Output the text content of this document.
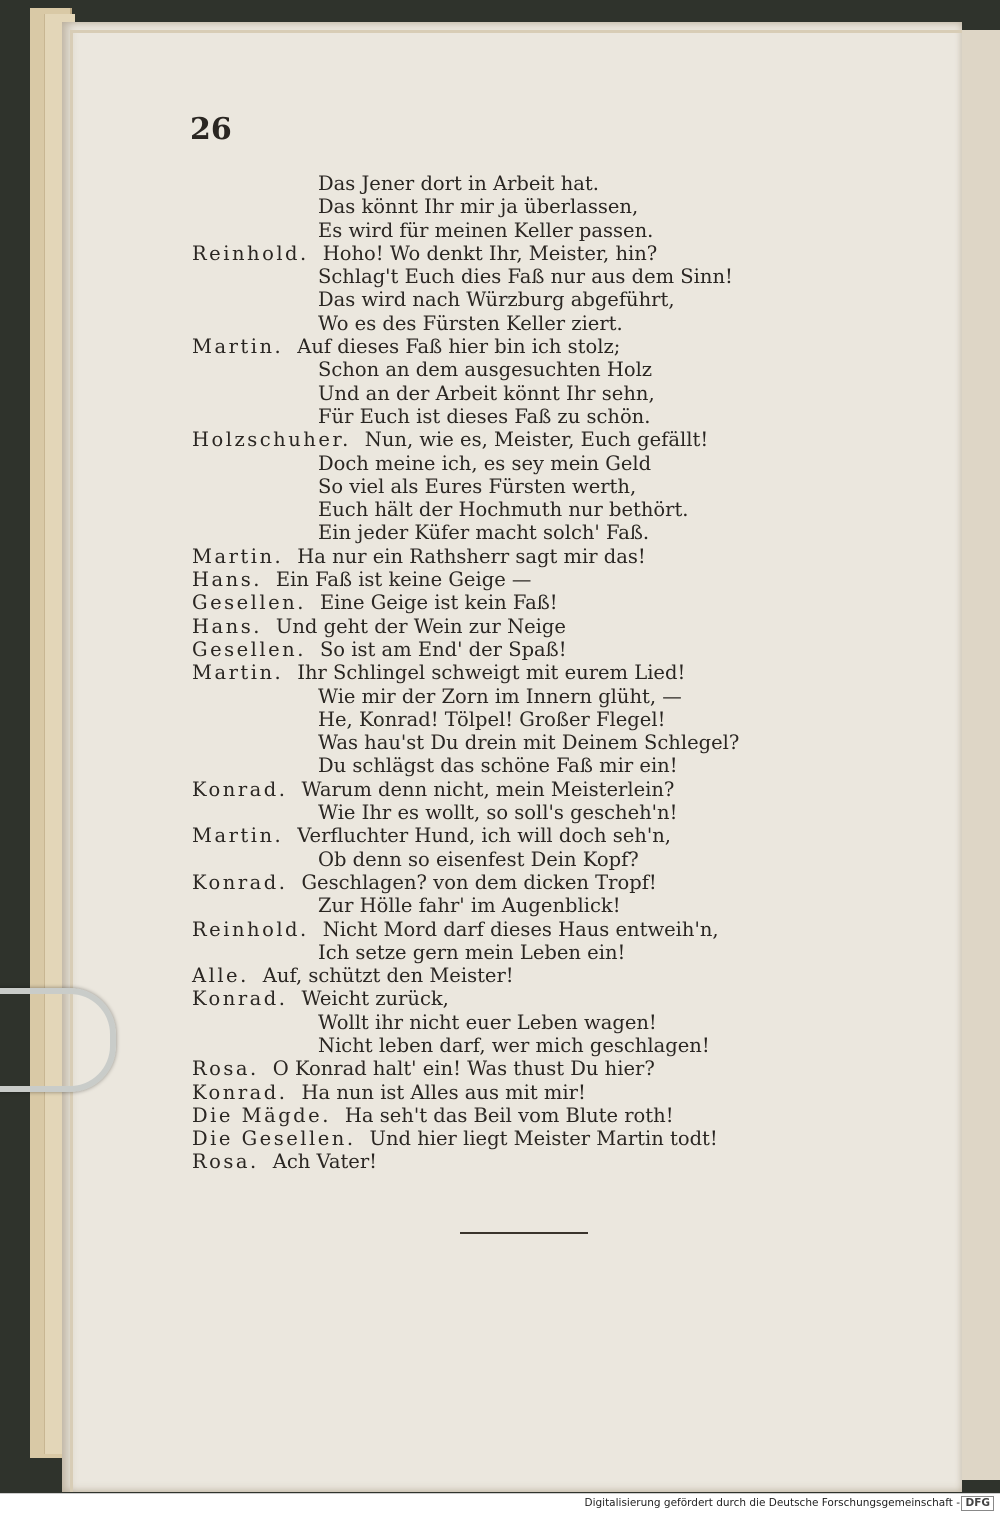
26
Das Jener dort in Arbeit hat.
Das könnt Ihr mir ja überlassen,
Es wird für meinen Keller passen.
Reinhold. Hoho! Wo denkt Ihr, Meister, hin?
Schlag't Euch dies Faß nur aus dem Sinn!
Das wird nach Würzburg abgeführt,
Wo es des Fürsten Keller ziert.
Martin. Auf dieses Faß hier bin ich stolz;
Schon an dem ausgesuchten Holz
Und an der Arbeit könnt Ihr sehn,
Für Euch ist dieses Faß zu schön.
Holzschuher. Nun, wie es, Meister, Euch gefällt!
Doch meine ich, es sey mein Geld
So viel als Eures Fürsten werth,
Euch hält der Hochmuth nur bethört.
Ein jeder Küfer macht solch' Faß.
Martin. Ha nur ein Rathsherr sagt mir das!
Hans. Ein Faß ist keine Geige —
Gesellen. Eine Geige ist kein Faß!
Hans. Und geht der Wein zur Neige
Gesellen. So ist am End' der Spaß!
Martin. Ihr Schlingel schweigt mit eurem Lied!
Wie mir der Zorn im Innern glüht, —
He, Konrad! Tölpel! Großer Flegel!
Was hau'st Du drein mit Deinem Schlegel?
Du schlägst das schöne Faß mir ein!
Konrad. Warum denn nicht, mein Meisterlein?
Wie Ihr es wollt, so soll's gescheh'n!
Martin. Verfluchter Hund, ich will doch seh'n,
Ob denn so eisenfest Dein Kopf?
Konrad. Geschlagen? von dem dicken Tropf!
Zur Hölle fahr' im Augenblick!
Reinhold. Nicht Mord darf dieses Haus entweih'n,
Ich setze gern mein Leben ein!
Alle. Auf, schützt den Meister!
Konrad. Weicht zurück,
Wollt ihr nicht euer Leben wagen!
Nicht leben darf, wer mich geschlagen!
Rosa. O Konrad halt' ein! Was thust Du hier?
Konrad. Ha nun ist Alles aus mit mir!
Die Mägde. Ha seh't das Beil vom Blute roth!
Die Gesellen. Und hier liegt Meister Martin todt!
Rosa. Ach Vater!
Digitalisierung gefördert durch die Deutsche Forschungsgemeinschaft - DFG
